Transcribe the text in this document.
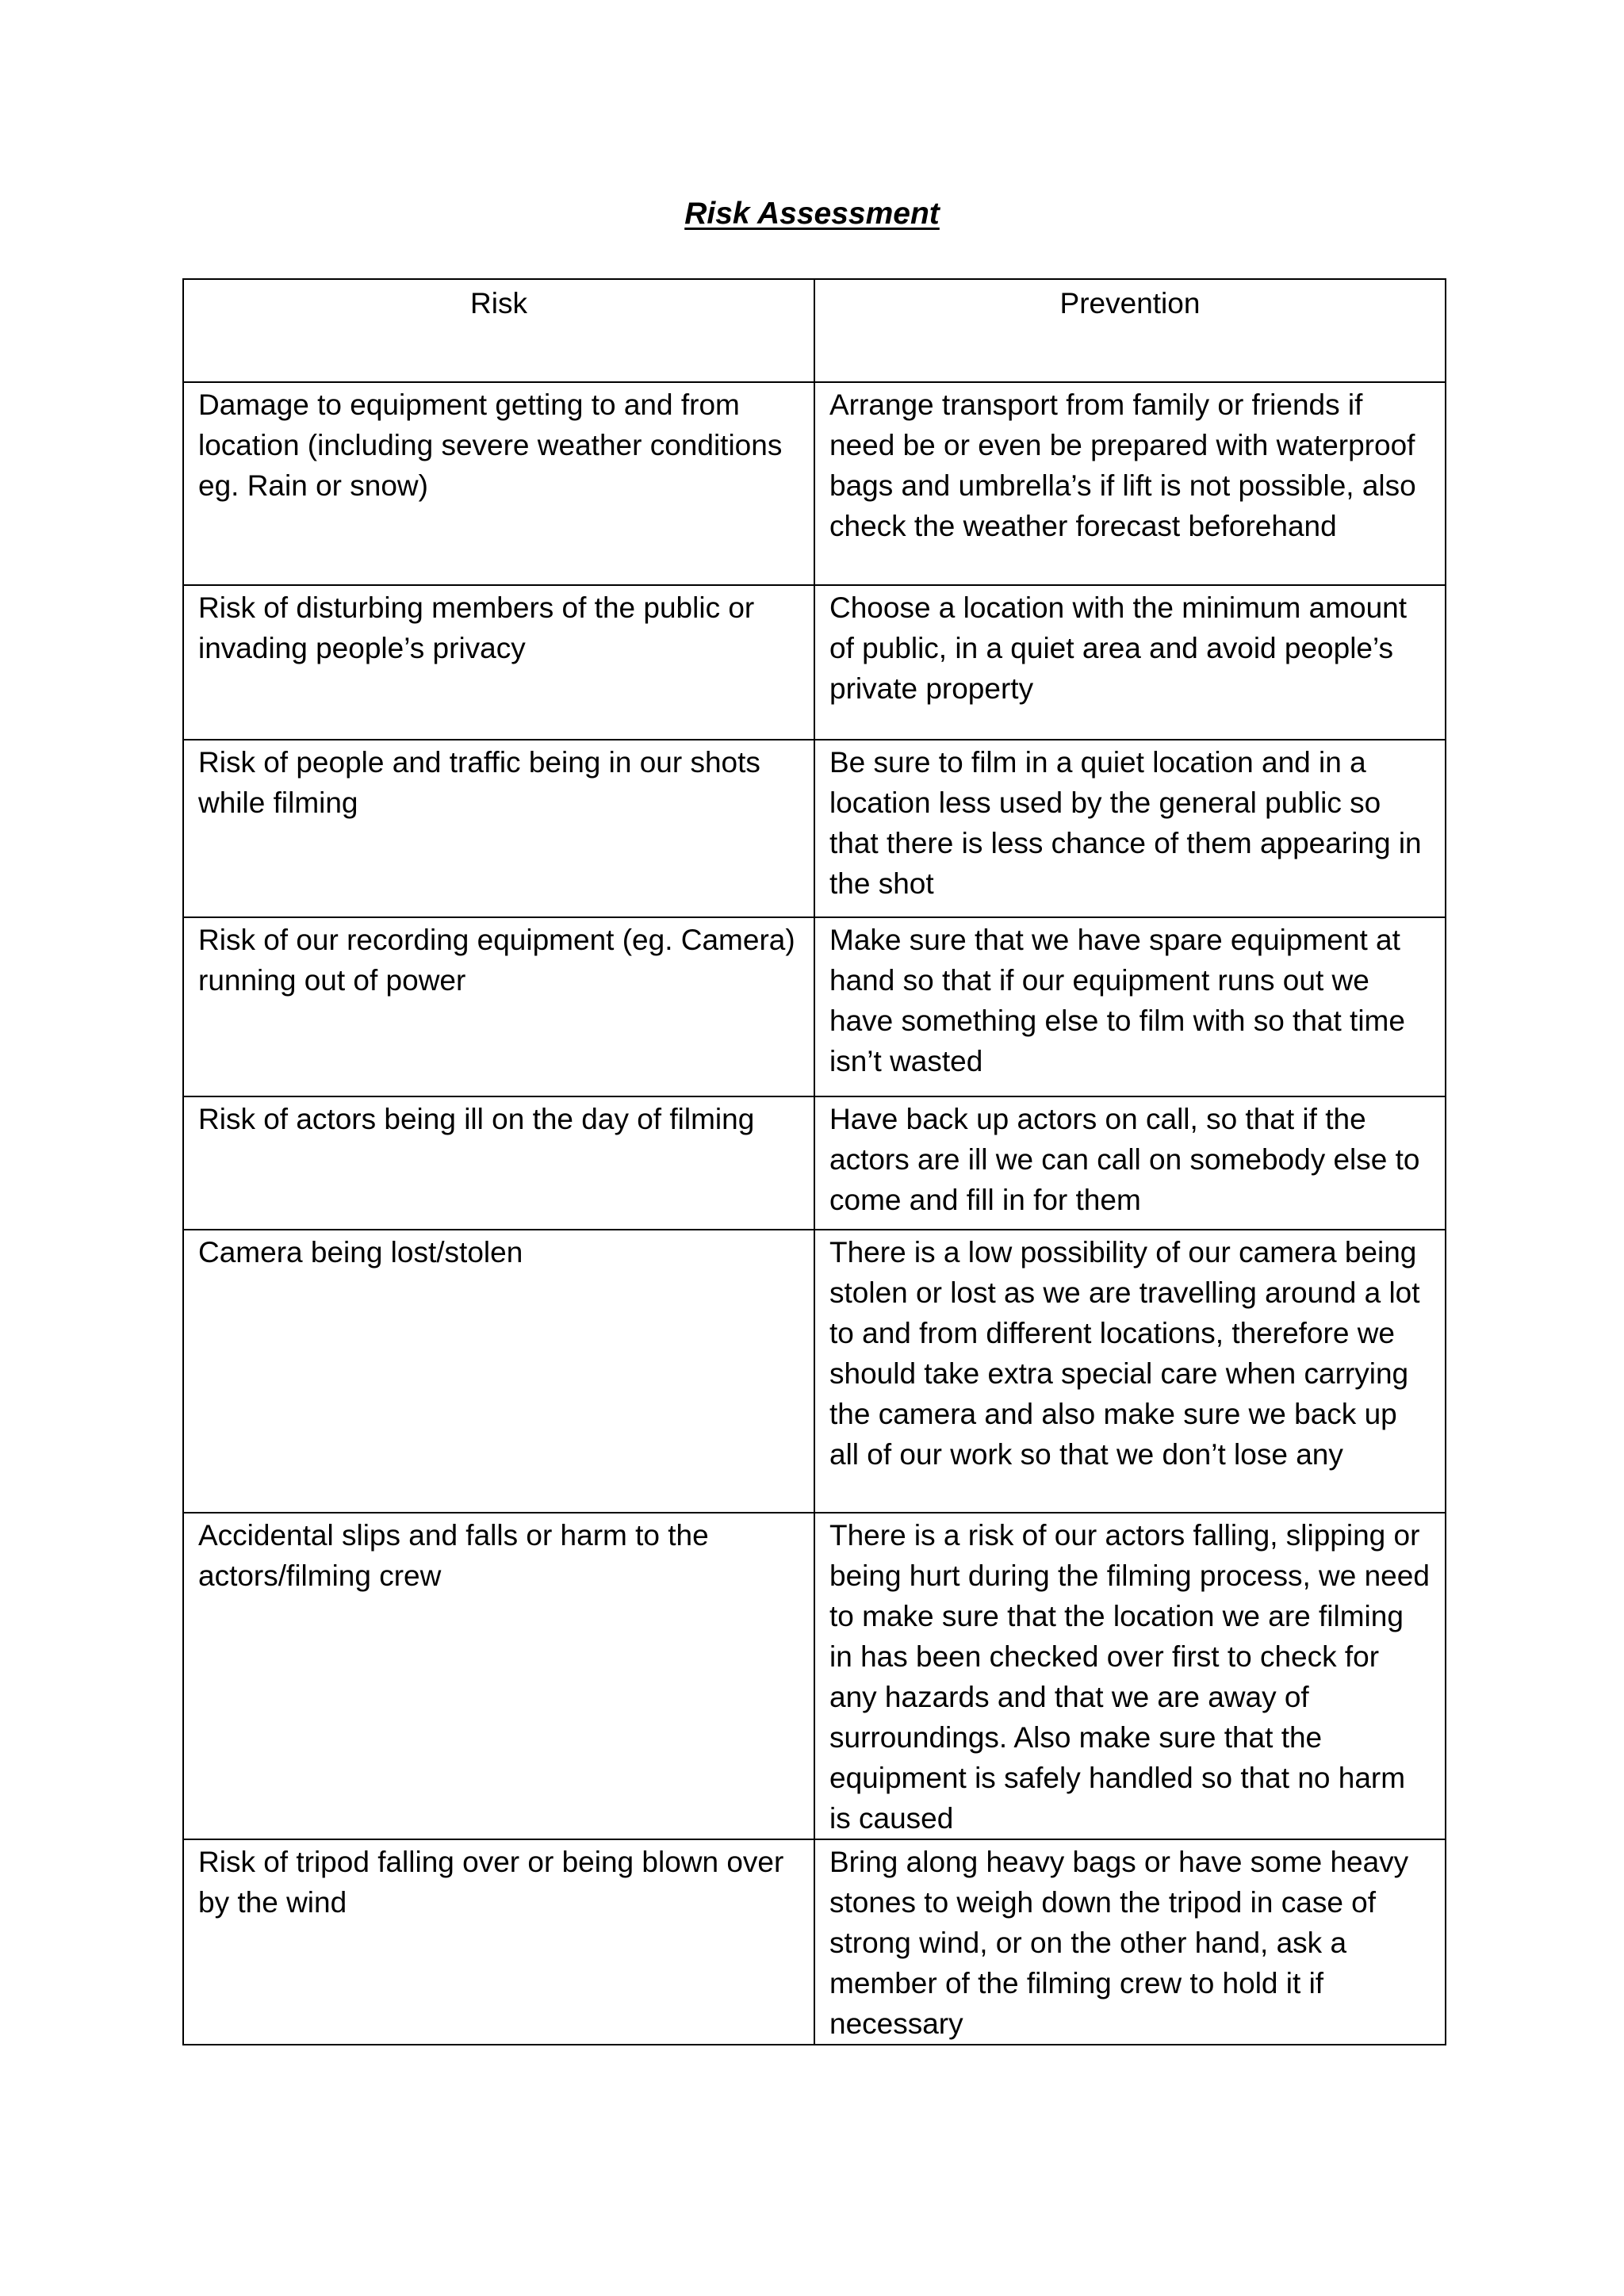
Risk Assessment
Risk	Prevention
Damage to equipment getting to and from location (including severe weather conditions eg. Rain or snow)	Arrange transport from family or friends if need be or even be prepared with waterproof bags and umbrella’s if lift is not possible, also check the weather forecast beforehand
Risk of disturbing members of the public or invading people’s privacy	Choose a location with the minimum amount of public, in a quiet area and avoid people’s private property
Risk of people and traffic being in our shots while filming	Be sure to film in a quiet location and in a location less used by the general public so that there is less chance of them appearing in the shot
Risk of our recording equipment (eg. Camera) running out of power	Make sure that we have spare equipment at hand so that if our equipment runs out we have something else to film with so that time isn’t wasted
Risk of actors being ill on the day of filming	Have back up actors on call, so that if the actors are ill we can call on somebody else to come and fill in for them
Camera being lost/stolen	There is a low possibility of our camera being stolen or lost as we are travelling around a lot to and from different locations, therefore we should take extra special care when carrying the camera and also make sure we back up all of our work so that we don’t lose any
Accidental slips and falls or harm to the actors/filming crew	There is a risk of our actors falling, slipping or being hurt during the filming process, we need to make sure that the location we are filming in has been checked over first to check for any hazards and that we are away of surroundings. Also make sure that the equipment is safely handled so that no harm is caused
Risk of tripod falling over or being blown over by the wind	Bring along heavy bags or have some heavy stones to weigh down the tripod in case of strong wind, or on the other hand, ask a member of the filming crew to hold it if necessary
